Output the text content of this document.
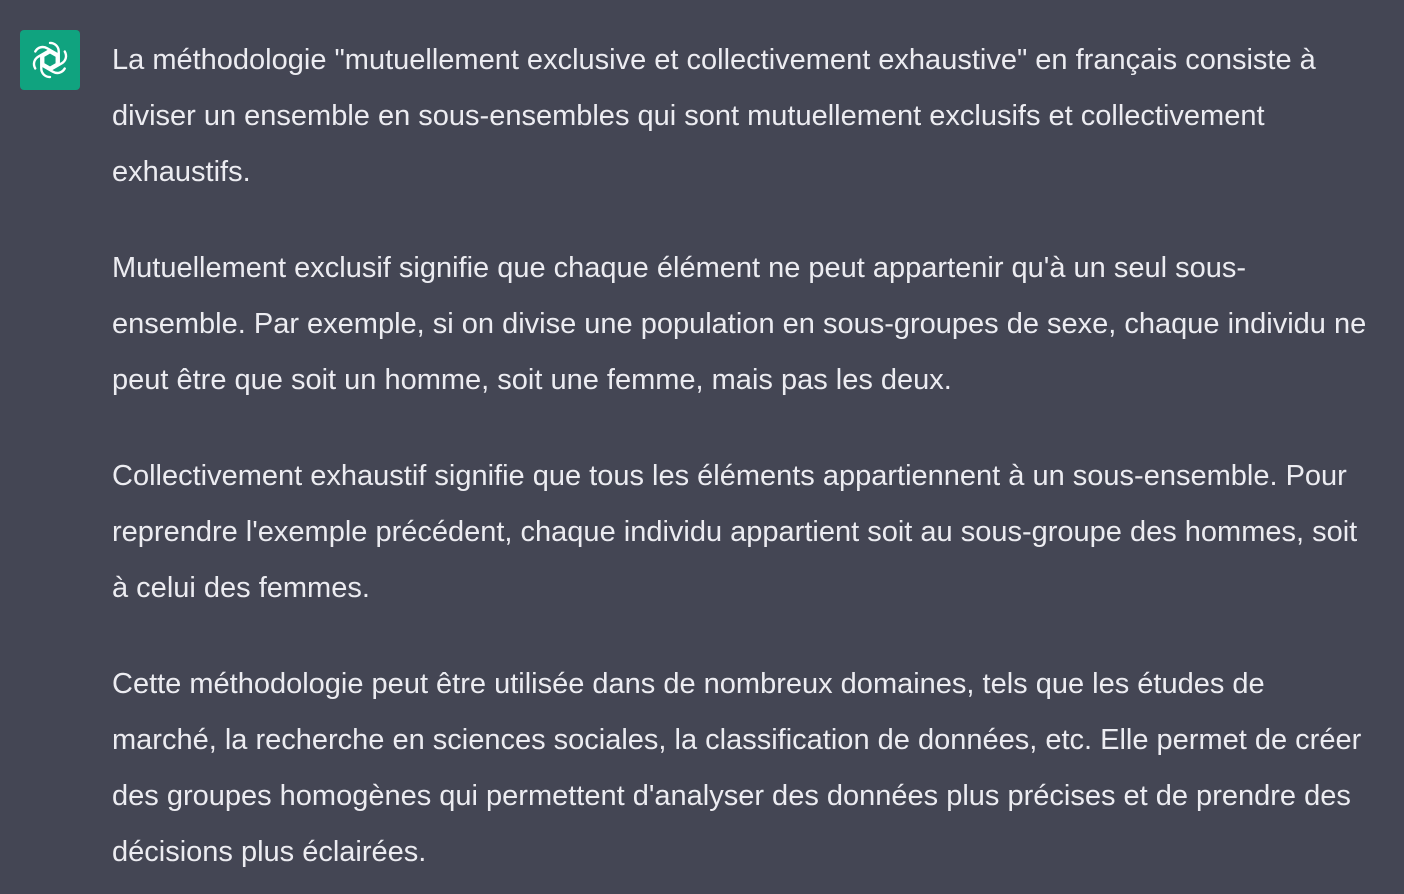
La méthodologie "mutuellement exclusive et collectivement exhaustive" en français consiste à diviser un ensemble en sous-ensembles qui sont mutuellement exclusifs et collectivement exhaustifs.

Mutuellement exclusif signifie que chaque élément ne peut appartenir qu'à un seul sous-ensemble. Par exemple, si on divise une population en sous-groupes de sexe, chaque individu ne peut être que soit un homme, soit une femme, mais pas les deux.

Collectivement exhaustif signifie que tous les éléments appartiennent à un sous-ensemble. Pour reprendre l'exemple précédent, chaque individu appartient soit au sous-groupe des hommes, soit à celui des femmes.

Cette méthodologie peut être utilisée dans de nombreux domaines, tels que les études de marché, la recherche en sciences sociales, la classification de données, etc. Elle permet de créer des groupes homogènes qui permettent d'analyser des données plus précises et de prendre des décisions plus éclairées.
